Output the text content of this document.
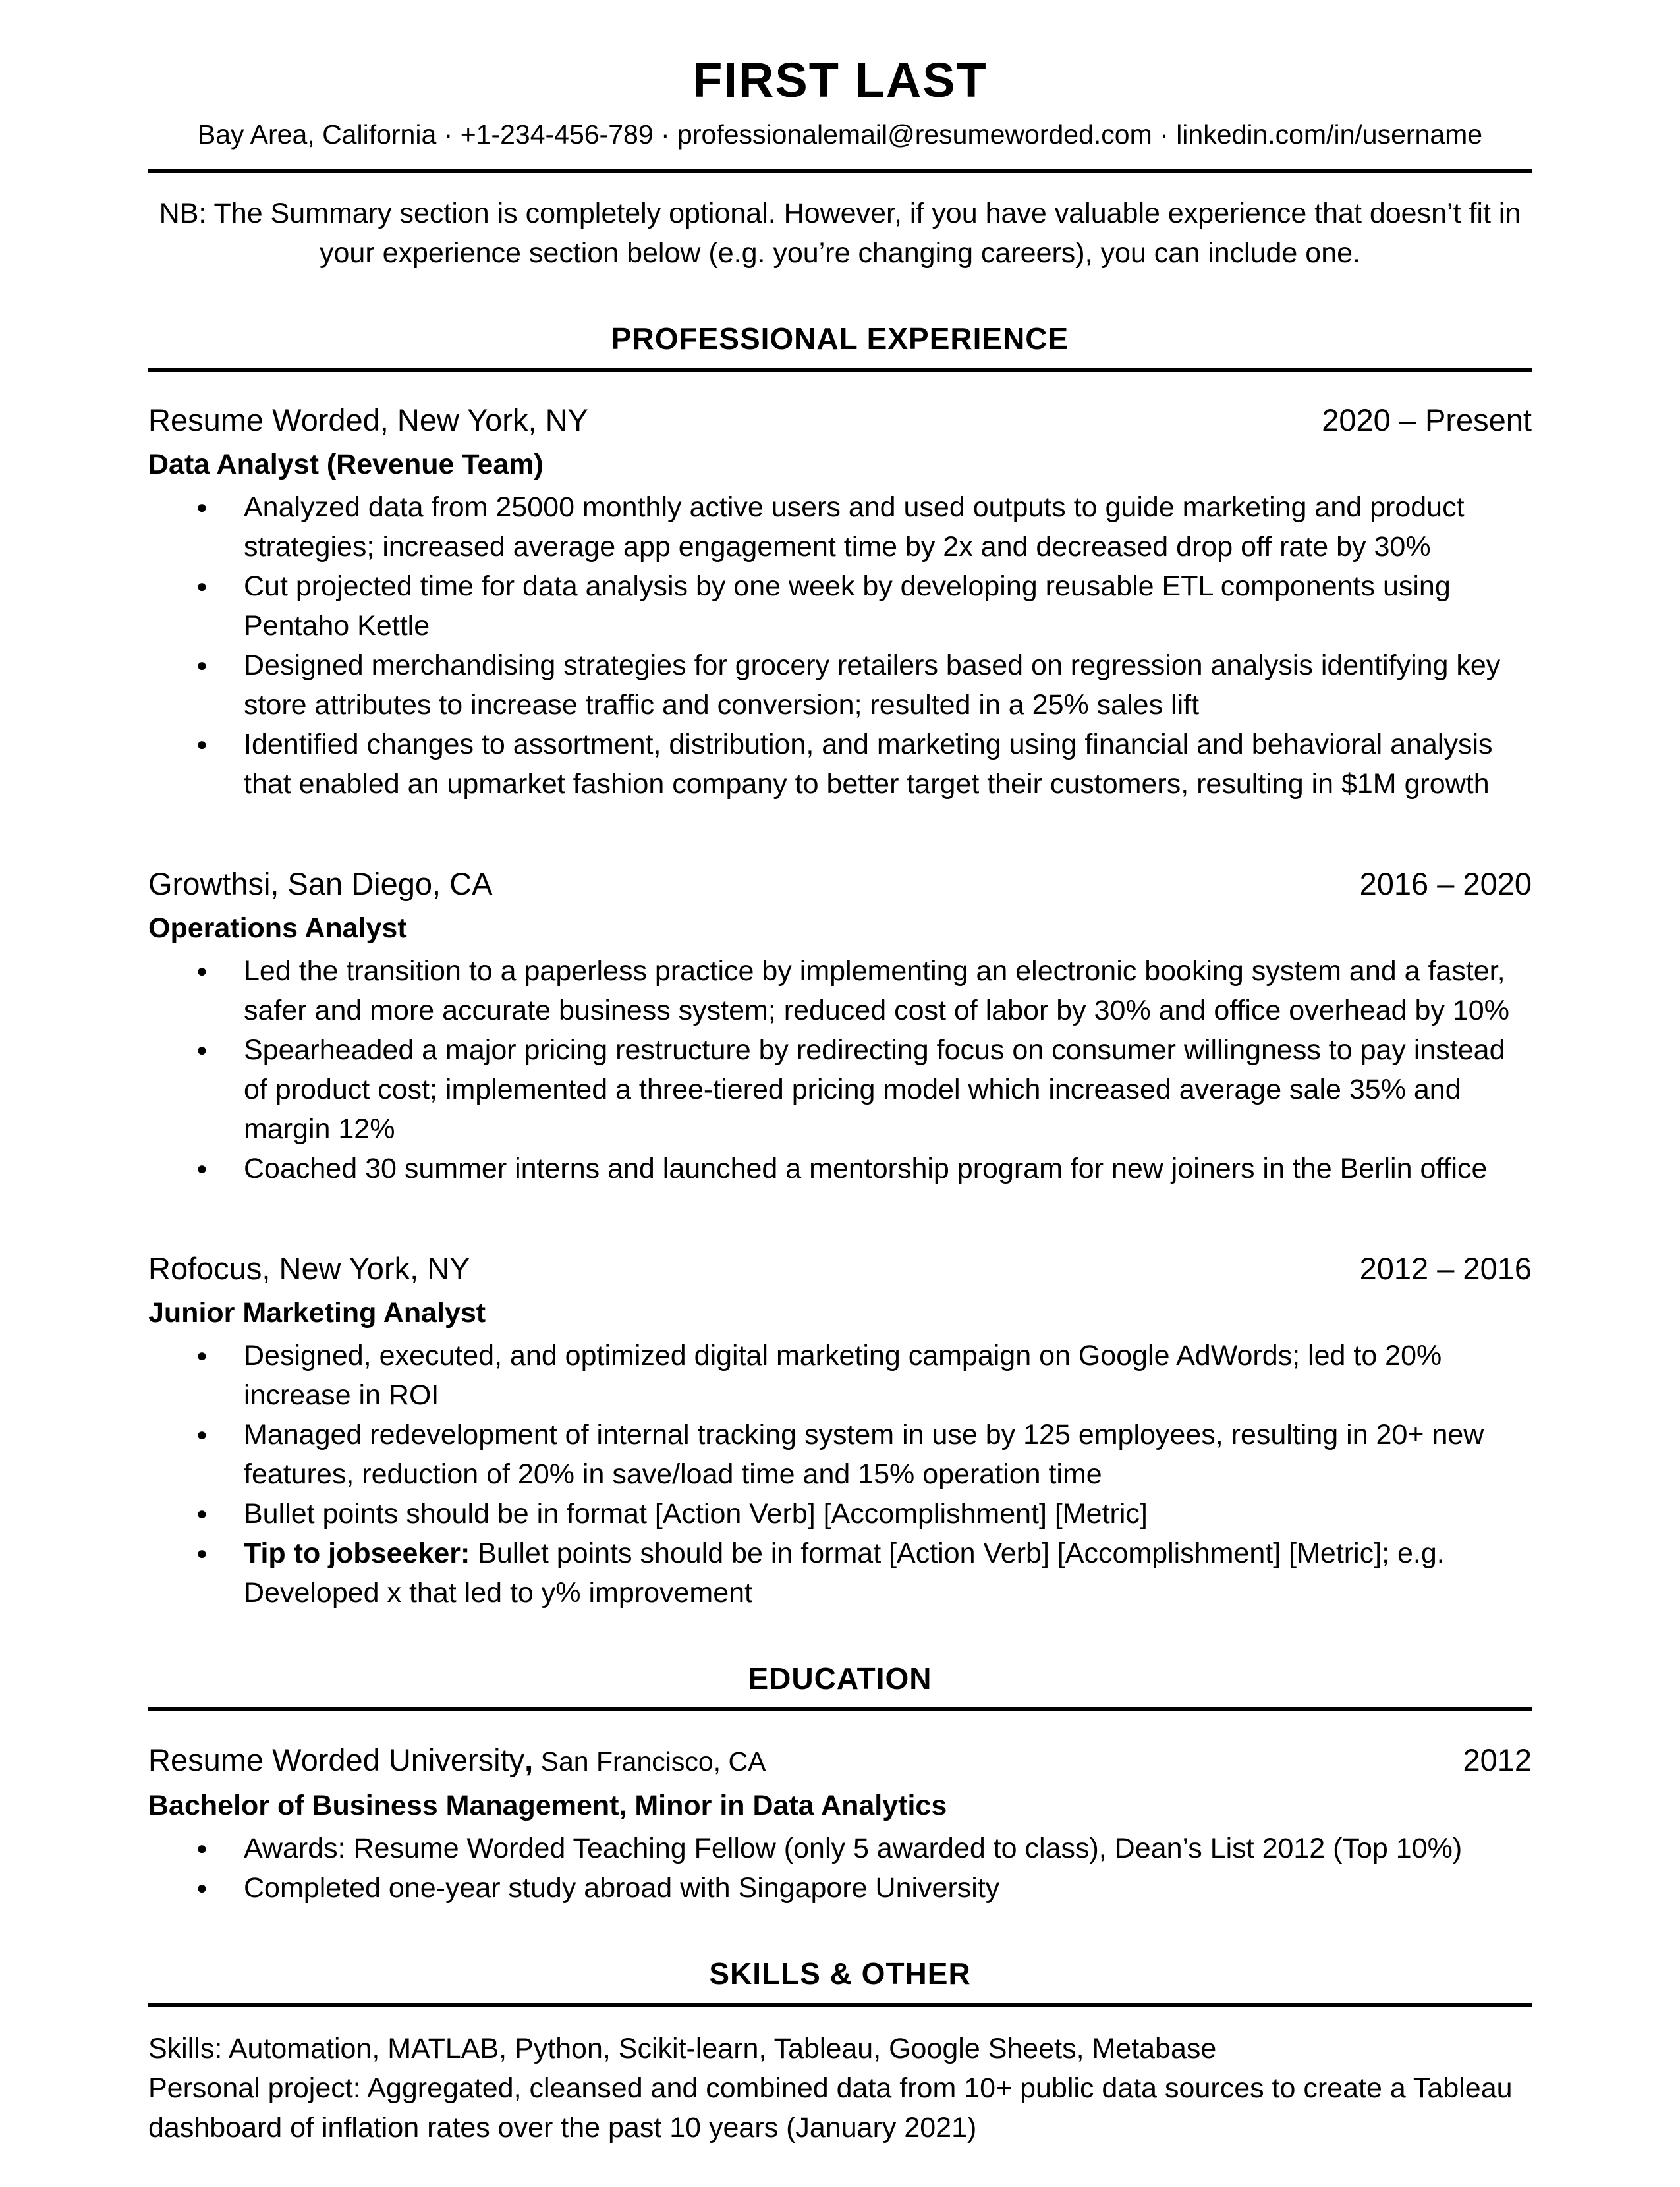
FIRST LAST
Bay Area, California · +1-234-456-789 · professionalemail@resumeworded.com · linkedin.com/in/username

NB: The Summary section is completely optional. However, if you have valuable experience that doesn’t fit in your experience section below (e.g. you’re changing careers), you can include one.

PROFESSIONAL EXPERIENCE
Resume Worded, New York, NY	2020 – Present
Data Analyst (Revenue Team)
● Analyzed data from 25000 monthly active users and used outputs to guide marketing and product strategies; increased average app engagement time by 2x and decreased drop off rate by 30%
● Cut projected time for data analysis by one week by developing reusable ETL components using Pentaho Kettle
● Designed merchandising strategies for grocery retailers based on regression analysis identifying key store attributes to increase traffic and conversion; resulted in a 25% sales lift
● Identified changes to assortment, distribution, and marketing using financial and behavioral analysis that enabled an upmarket fashion company to better target their customers, resulting in $1M growth
Growthsi, San Diego, CA	2016 – 2020
Operations Analyst
● Led the transition to a paperless practice by implementing an electronic booking system and a faster, safer and more accurate business system; reduced cost of labor by 30% and office overhead by 10%
● Spearheaded a major pricing restructure by redirecting focus on consumer willingness to pay instead of product cost; implemented a three-tiered pricing model which increased average sale 35% and margin 12%
● Coached 30 summer interns and launched a mentorship program for new joiners in the Berlin office
Rofocus, New York, NY	2012 – 2016
Junior Marketing Analyst
● Designed, executed, and optimized digital marketing campaign on Google AdWords; led to 20% increase in ROI
● Managed redevelopment of internal tracking system in use by 125 employees, resulting in 20+ new features, reduction of 20% in save/load time and 15% operation time
● Bullet points should be in format [Action Verb] [Accomplishment] [Metric]
● Tip to jobseeker: Bullet points should be in format [Action Verb] [Accomplishment] [Metric]; e.g. Developed x that led to y% improvement
EDUCATION
Resume Worded University, San Francisco, CA	2012
Bachelor of Business Management, Minor in Data Analytics
● Awards: Resume Worded Teaching Fellow (only 5 awarded to class), Dean’s List 2012 (Top 10%)
● Completed one-year study abroad with Singapore University
SKILLS & OTHER

Skills: Automation, MATLAB, Python, Scikit-learn, Tableau, Google Sheets, Metabase

Personal project: Aggregated, cleansed and combined data from 10+ public data sources to create a Tableau dashboard of inflation rates over the past 10 years (January 2021)
